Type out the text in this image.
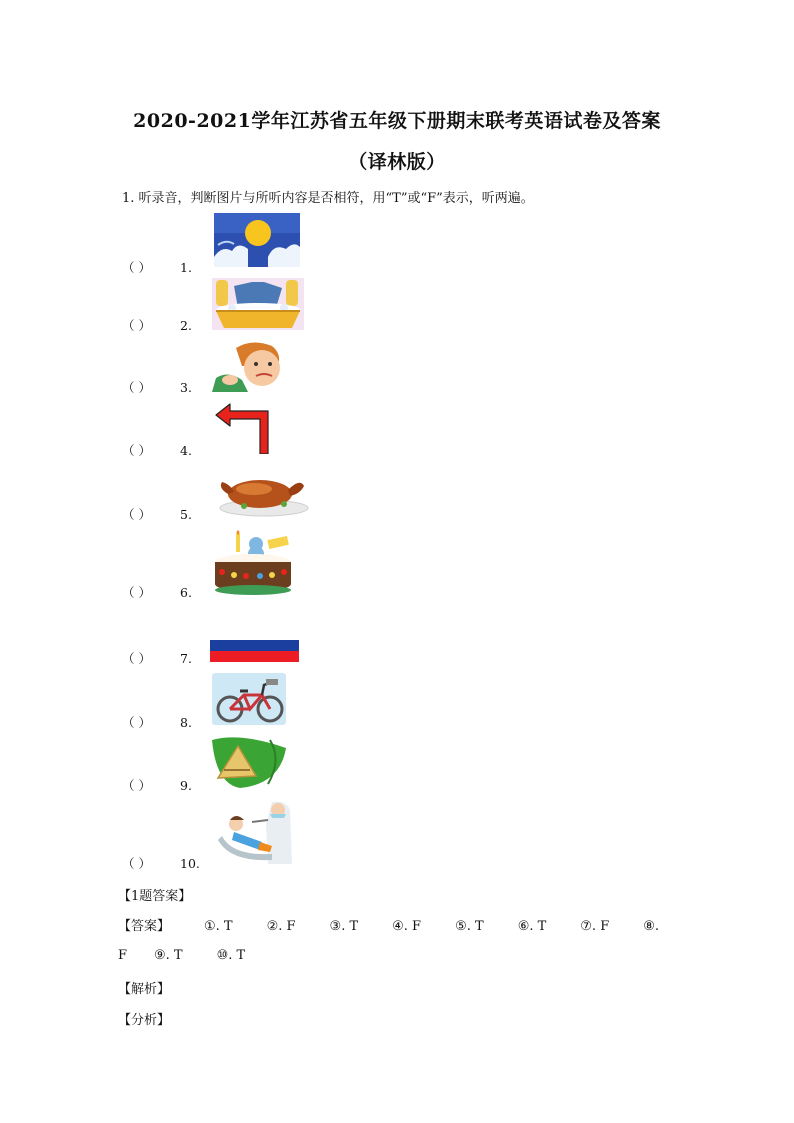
2020-2021学年江苏省五年级下册期末联考英语试卷及答案
（译林版）
1. 听录音，判断图片与所听内容是否相符，用“T”或“F”表示，听两遍。
（ ） 1.
（ ） 2.
（ ） 3.
（ ） 4.
（ ） 5.
（ ） 6.
（ ） 7.
（ ） 8.
（ ） 9.
（ ） 10.
【1题答案】
【答案】	①. T	②. F	③. T	④. F	⑤. T	⑥. T	⑦. F	⑧.
F ⑨. T	⑩. T
【解析】
【分析】
